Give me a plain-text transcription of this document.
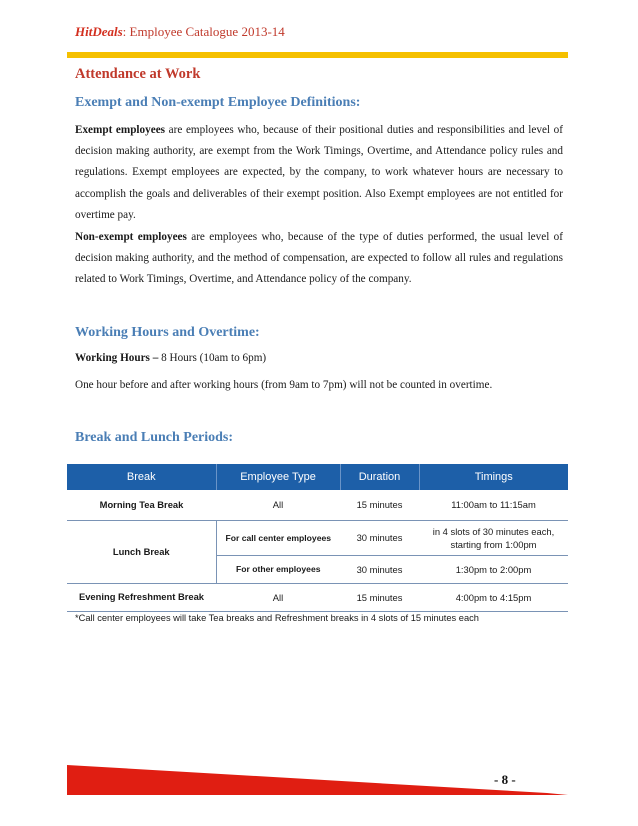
HitDeals: Employee Catalogue 2013-14
Attendance at Work
Exempt and Non-exempt Employee Definitions:

Exempt employees are employees who, because of their positional duties and responsibilities and level of decision making authority, are exempt from the Work Timings, Overtime, and Attendance policy rules and regulations. Exempt employees are expected, by the company, to work whatever hours are necessary to accomplish the goals and deliverables of their exempt position. Also Exempt employees are not entitled for overtime pay.

Non-exempt employees are employees who, because of the type of duties performed, the usual level of decision making authority, and the method of compensation, are expected to follow all rules and regulations related to Work Timings, Overtime, and Attendance policy of the company.

Working Hours and Overtime:

Working Hours – 8 Hours (10am to 6pm)

One hour before and after working hours (from 9am to 7pm) will not be counted in overtime.

Break and Lunch Periods:
Break	Employee Type	Duration	Timings
Morning Tea Break	All	15 minutes	11:00am to 11:15am
Lunch Break	For call center employees	30 minutes	in 4 slots of 30 minutes each, starting from 1:00pm
	For other employees	30 minutes	1:30pm to 2:00pm
Evening Refreshment Break	All	15 minutes	4:00pm to 4:15pm
*Call center employees will take Tea breaks and Refreshment breaks in 4 slots of 15 minutes each
- 8 -
